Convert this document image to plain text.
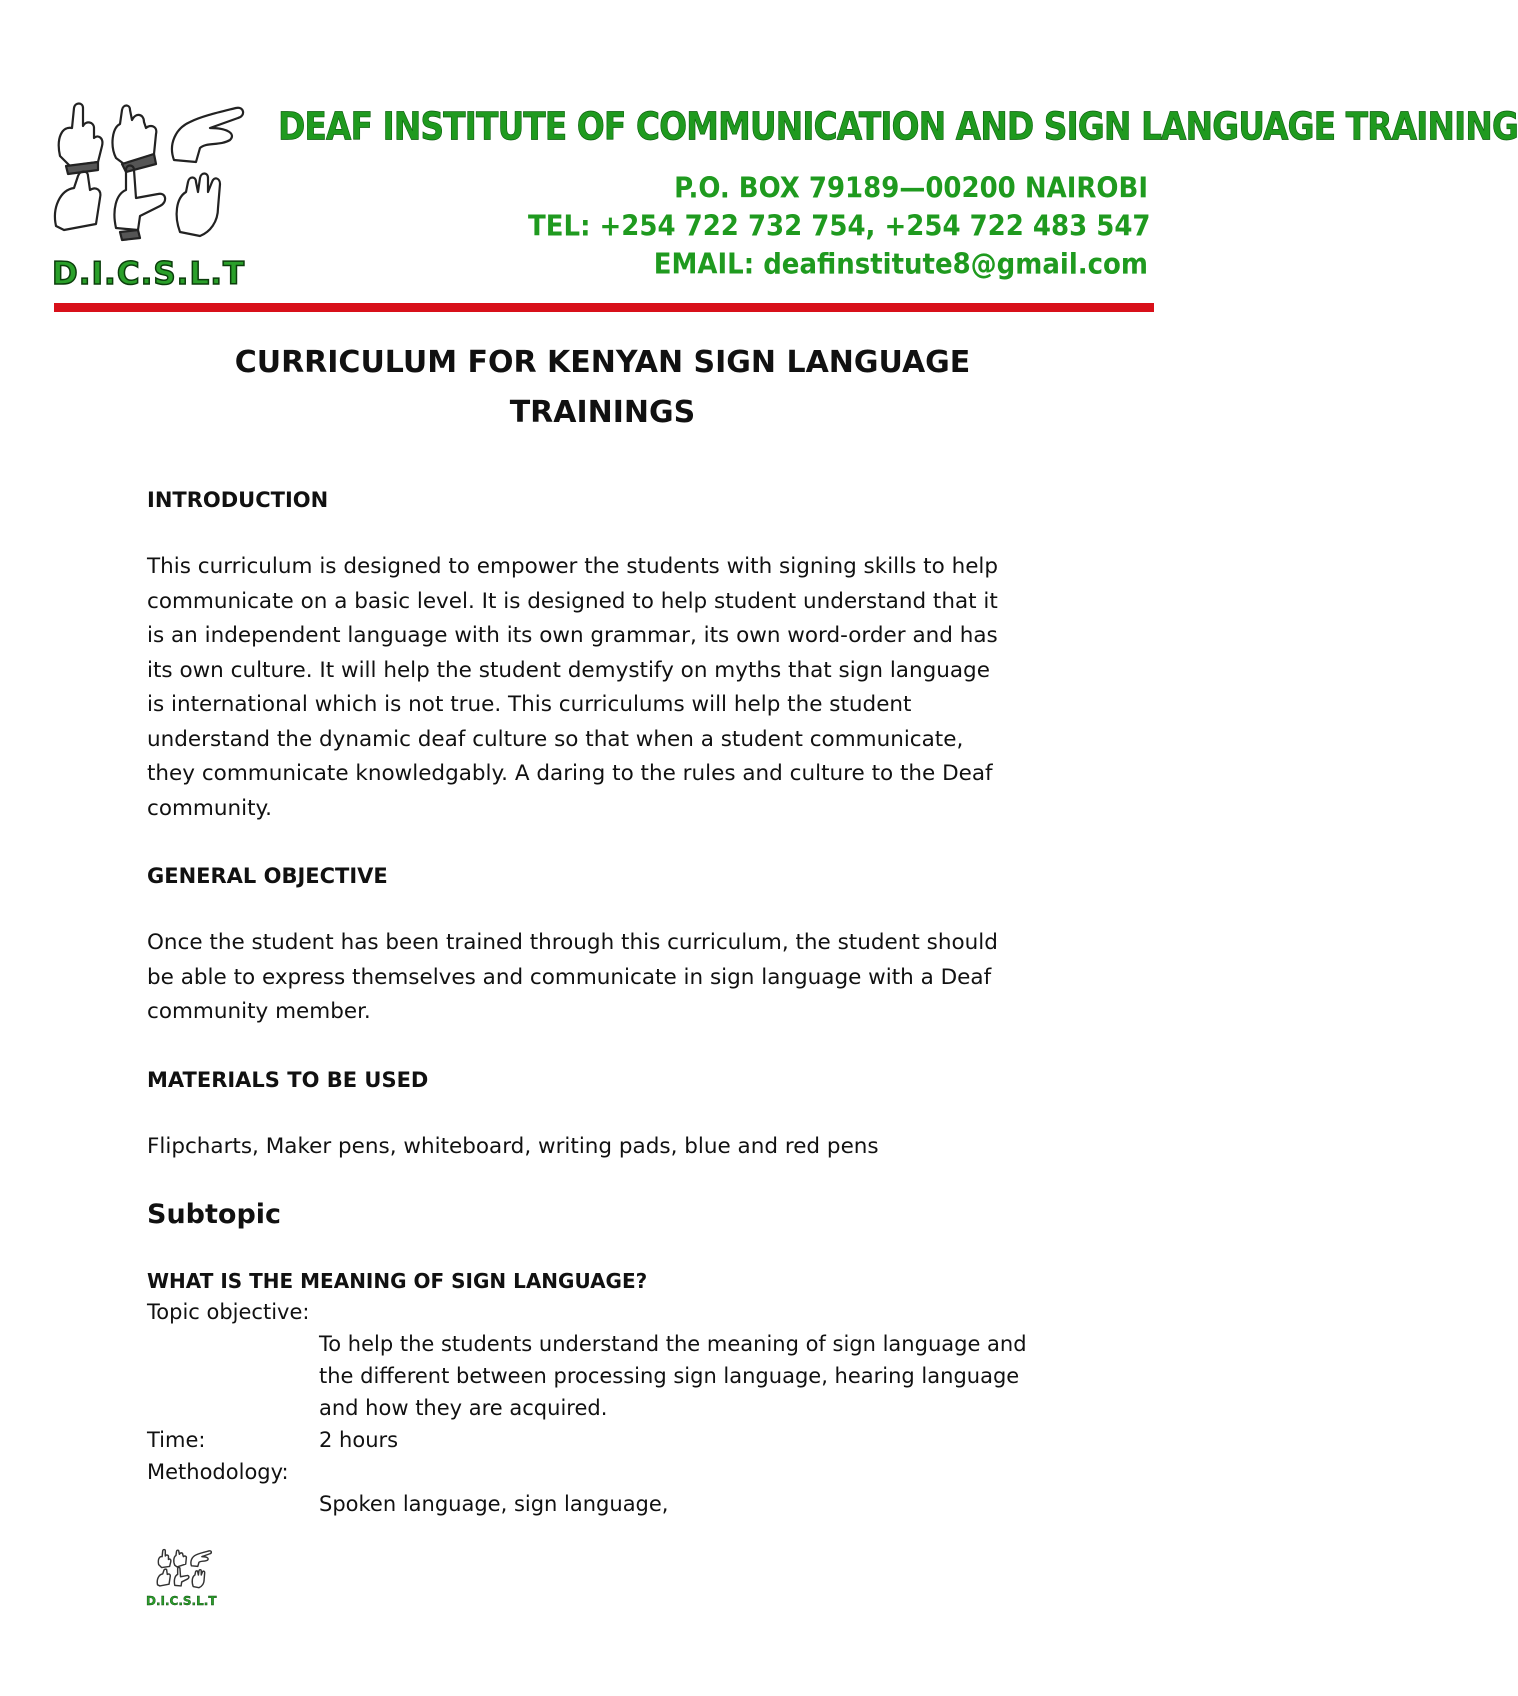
D.I.C.S.L.T
DEAF INSTITUTE OF COMMUNICATION AND SIGN LANGUAGE TRAINING
P.O. BOX 79189—00200 NAIROBI
TEL: +254 722 732 754, +254 722 483 547
EMAIL: deafinstitute8@gmail.com
CURRICULUM FOR KENYAN SIGN LANGUAGE
TRAININGS

INTRODUCTION

This curriculum is designed to empower the students with signing skills to help

communicate on a basic level. It is designed to help student understand that it

is an independent language with its own grammar, its own word-order and has

its own culture. It will help the student demystify on myths that sign language

is international which is not true. This curriculums will help the student

understand the dynamic deaf culture so that when a student communicate,

they communicate knowledgably. A daring to the rules and culture to the Deaf

community.

GENERAL OBJECTIVE

Once the student has been trained through this curriculum, the student should

be able to express themselves and communicate in sign language with a Deaf

community member.

MATERIALS TO BE USED

Flipcharts, Maker pens, whiteboard, writing pads, blue and red pens

Subtopic

WHAT IS THE MEANING OF SIGN LANGUAGE?

Topic objective:
To help the students understand the meaning of sign language and
the different between processing sign language, hearing language
and how they are acquired.
Time:	2 hours
Methodology:
Spoken language, sign language,
D.I.C.S.L.T
